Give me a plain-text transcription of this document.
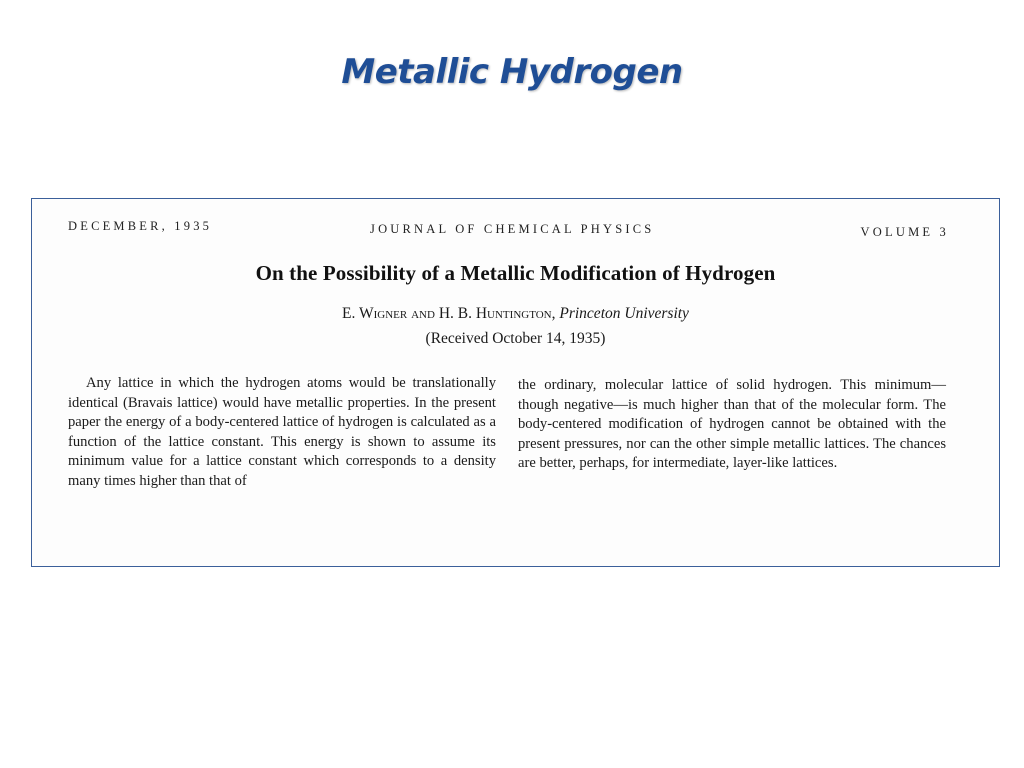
Metallic Hydrogen
DECEMBER, 1935	JOURNAL OF CHEMICAL PHYSICS	VOLUME 3
On the Possibility of a Metallic Modification of Hydrogen
E. Wigner and H. B. Huntington, Princeton University
(Received October 14, 1935)
Any lattice in which the hydrogen atoms would be translationally identical (Bravais lattice) would have metallic properties. In the present paper the energy of a body-centered lattice of hydrogen is calculated as a function of the lattice constant. This energy is shown to assume its minimum value for a lattice constant which corresponds to a density many times higher than that of
the ordinary, molecular lattice of solid hydrogen. This minimum—though negative—is much higher than that of the molecular form. The body-centered modification of hydrogen cannot be obtained with the present pressures, nor can the other simple metallic lattices. The chances are better, perhaps, for intermediate, layer-like lattices.
